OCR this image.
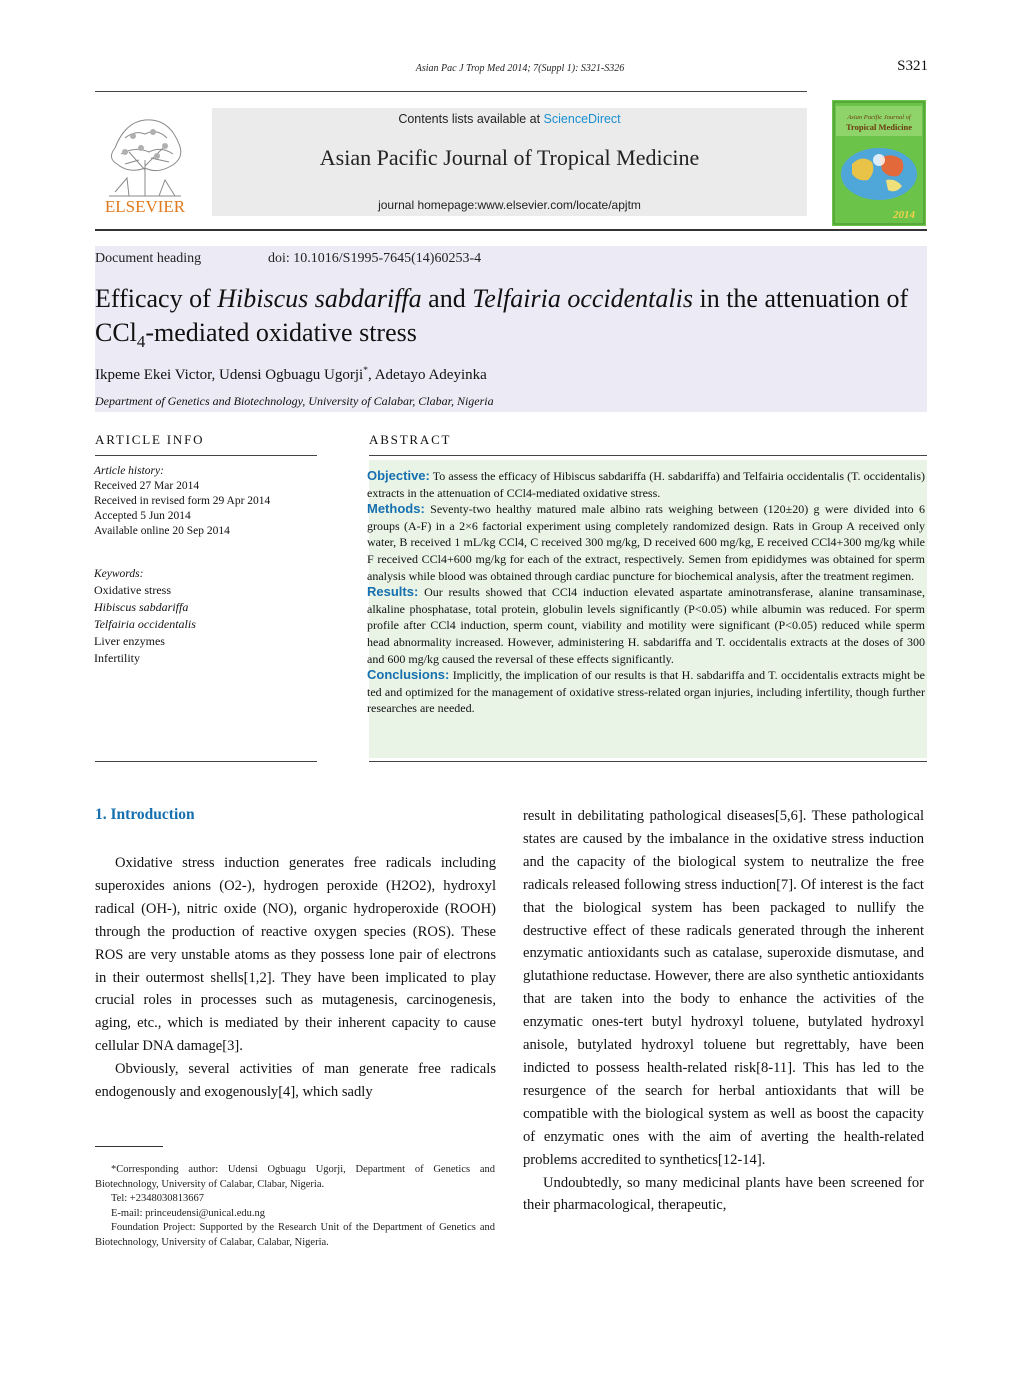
Asian Pac J Trop Med 2014; 7(Suppl 1): S321-S326	S321
ELSEVIER
Contents lists available at ScienceDirect
Asian Pacific Journal of Tropical Medicine
journal homepage:www.elsevier.com/locate/apjtm
Asian Pacific Journal of
Tropical Medicine
2014
Document heading	doi: 10.1016/S1995-7645(14)60253-4
Efficacy of Hibiscus sabdariffa and Telfairia occidentalis in the attenuation of CCl$_4$-mediated oxidative stress
Ikpeme Ekei Victor, Udensi Ogbuagu Ugorji*, Adetayo Adeyinka
Department of Genetics and Biotechnology, University of Calabar, Clabar, Nigeria
ARTICLE INFO	ABSTRACT
Article history:
Received 27 Mar 2014
Received in revised form 29 Apr 2014
Accepted 5 Jun 2014
Available online 20 Sep 2014
Keywords:
Oxidative stress
Hibiscus sabdariffa
Telfairia occidentalis
Liver enzymes
Infertility

Objective: To assess the efficacy of Hibiscus sabdariffa (H. sabdariffa) and Telfairia occidentalis (T. occidentalis) extracts in the attenuation of CCl4-mediated oxidative stress.

Methods: Seventy-two healthy matured male albino rats weighing between (120±20) g were divided into 6 groups (A-F) in a 2×6 factorial experiment using completely randomized design. Rats in Group A received only water, B received 1 mL/kg CCl4, C received 300 mg/kg, D received 600 mg/kg, E received CCl4+300 mg/kg while F received CCl4+600 mg/kg for each of the extract, respectively. Semen from epididymes was obtained for sperm analysis while blood was obtained through cardiac puncture for biochemical analysis, after the treatment regimen.

Results: Our results showed that CCl4 induction elevated aspartate aminotransferase, alanine transaminase, alkaline phosphatase, total protein, globulin levels significantly (P<0.05) while albumin was reduced. For sperm profile after CCl4 induction, sperm count, viability and motility were significant (P<0.05) reduced while sperm head abnormality increased. However, administering H. sabdariffa and T. occidentalis extracts at the doses of 300 and 600 mg/kg caused the reversal of these effects significantly.

Conclusions: Implicitly, the implication of our results is that H. sabdariffa and T. occidentalis extracts might be ted and optimized for the management of oxidative stress-related organ injuries, including infertility, though further researches are needed.

1. Introduction

Oxidative stress induction generates free radicals including superoxides anions (O2-), hydrogen peroxide (H2O2), hydroxyl radical (OH-), nitric oxide (NO), organic hydroperoxide (ROOH) through the production of reactive oxygen species (ROS). These ROS are very unstable atoms as they possess lone pair of electrons in their outermost shells[1,2]. They have been implicated to play crucial roles in processes such as mutagenesis, carcinogenesis, aging, etc., which is mediated by their inherent capacity to cause cellular DNA damage[3].

Obviously, several activities of man generate free radicals endogenously and exogenously[4], which sadly

*Corresponding author: Udensi Ogbuagu Ugorji, Department of Genetics and Biotechnology, University of Calabar, Clabar, Nigeria.

Tel: +2348030813667

E-mail: princeudensi@unical.edu.ng

Foundation Project: Supported by the Research Unit of the Department of Genetics and Biotechnology, University of Calabar, Calabar, Nigeria.

result in debilitating pathological diseases[5,6]. These pathological states are caused by the imbalance in the oxidative stress induction and the capacity of the biological system to neutralize the free radicals released following stress induction[7]. Of interest is the fact that the biological system has been packaged to nullify the destructive effect of these radicals generated through the inherent enzymatic antioxidants such as catalase, superoxide dismutase, and glutathione reductase. However, there are also synthetic antioxidants that are taken into the body to enhance the activities of the enzymatic ones-tert butyl hydroxyl toluene, butylated hydroxyl anisole, butylated hydroxyl toluene but regrettably, have been indicted to possess health-related risk[8-11]. This has led to the resurgence of the search for herbal antioxidants that will be compatible with the biological system as well as boost the capacity of enzymatic ones with the aim of averting the health-related problems accredited to synthetics[12-14].

Undoubtedly, so many medicinal plants have been screened for their pharmacological, therapeutic,
